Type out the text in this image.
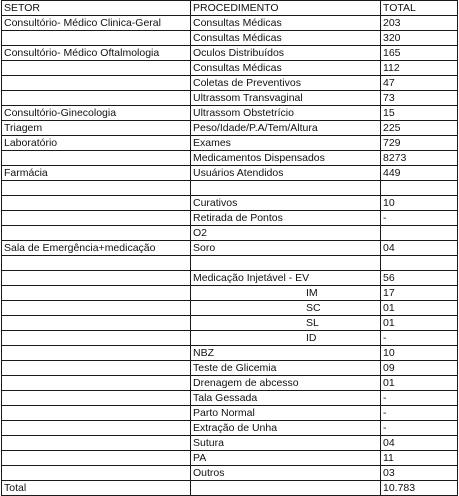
SETOR	PROCEDIMENTO	TOTAL
Consultório- Médico Clinica-Geral	Consultas Médicas	203
	Consultas Médicas	320
Consultório- Médico Oftalmologia	Oculos Distribuídos	165
	Consultas Médicas	112
	Coletas de Preventivos	47
	Ultrassom Transvaginal	73
Consultório-Ginecologia	Ultrassom Obstetrício	15
Triagem	Peso/Idade/P.A/Tem/Altura	225
Laboratório	Exames	729
	Medicamentos Dispensados	8273
Farmácia	Usuários Atendidos	449

	Curativos	10
	Retirada de Pontos	-
	O2	
Sala de Emergência+medicação	Soro	04

	Medicação Injetável - EV	56
	IM	17
	SC	01
	SL	01
	ID	-
	NBZ	10
	Teste de Glicemia	09
	Drenagem de abcesso	01
	Tala Gessada	-
	Parto Normal	-
	Extração de Unha	-
	Sutura	04
	PA	11
	Outros	03
Total		10.783
